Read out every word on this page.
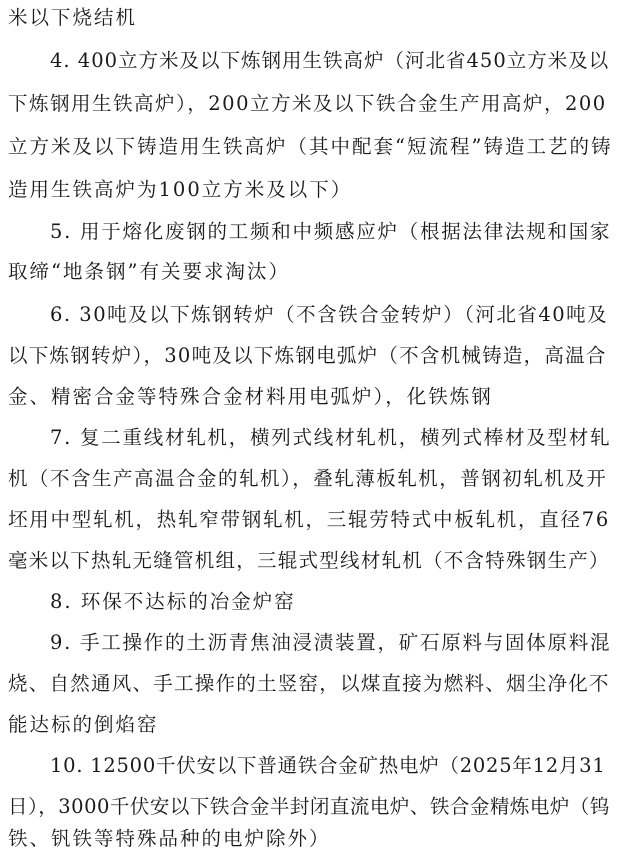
米以下烧结机
4. 400立方米及以下炼钢用生铁高炉（河北省450立方米及以
下炼钢用生铁高炉），200立方米及以下铁合金生产用高炉，200
立方米及以下铸造用生铁高炉（其中配套“短流程”铸造工艺的铸
造用生铁高炉为100立方米及以下）
5. 用于熔化废钢的工频和中频感应炉（根据法律法规和国家
取缔“地条钢”有关要求淘汰）
6. 30吨及以下炼钢转炉（不含铁合金转炉）（河北省40吨及
以下炼钢转炉），30吨及以下炼钢电弧炉（不含机械铸造，高温合
金、精密合金等特殊合金材料用电弧炉），化铁炼钢
7. 复二重线材轧机，横列式线材轧机，横列式棒材及型材轧
机（不含生产高温合金的轧机），叠轧薄板轧机，普钢初轧机及开
坯用中型轧机，热轧窄带钢轧机，三辊劳特式中板轧机，直径76
毫米以下热轧无缝管机组，三辊式型线材轧机（不含特殊钢生产）
8. 环保不达标的冶金炉窑
9. 手工操作的土沥青焦油浸渍装置，矿石原料与固体原料混
烧、自然通风、手工操作的土竖窑，以煤直接为燃料、烟尘净化不
能达标的倒焰窑
10. 12500千伏安以下普通铁合金矿热电炉（2025年12月31
日），3000千伏安以下铁合金半封闭直流电炉、铁合金精炼电炉（钨
铁、钒铁等特殊品种的电炉除外）
